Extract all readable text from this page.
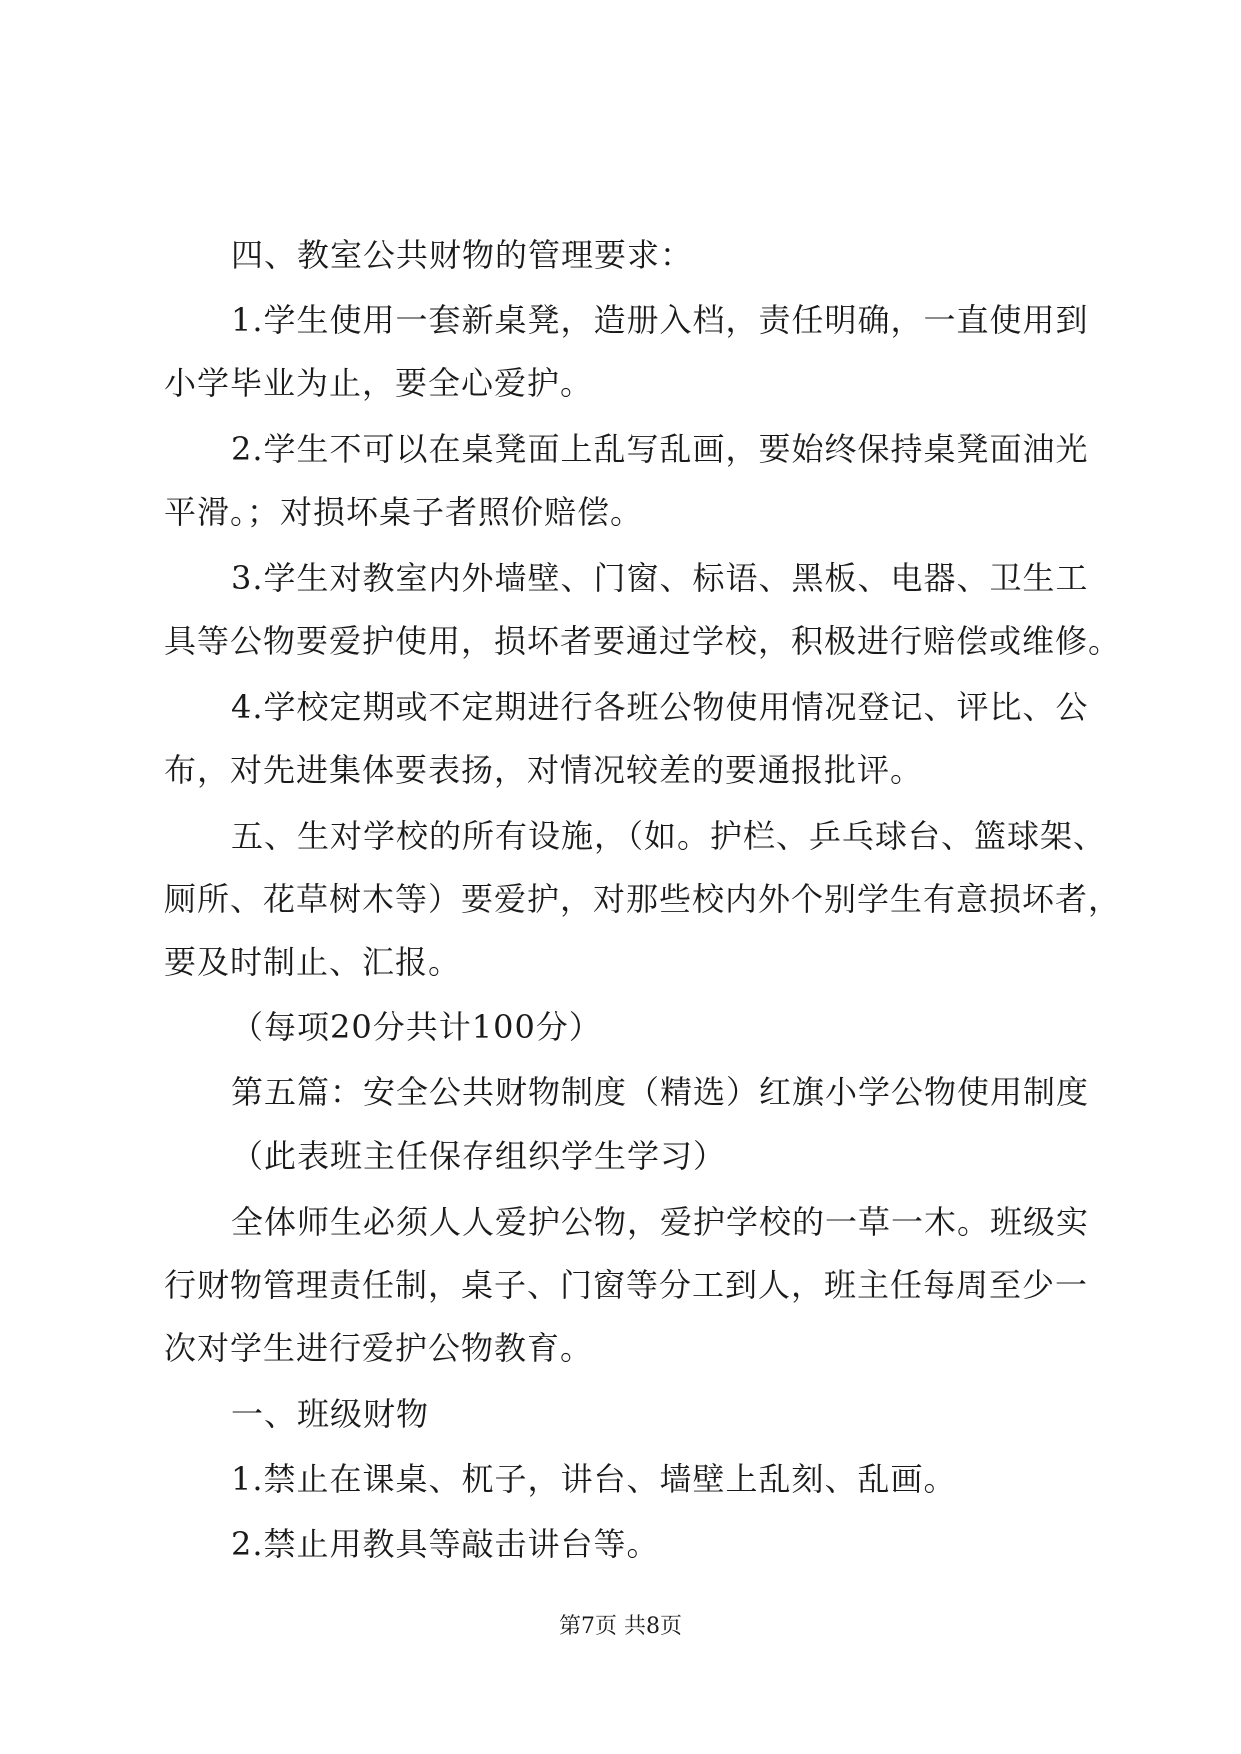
四、教室公共财物的管理要求：
1.学生使用一套新桌凳，造册入档，责任明确，一直使用到
小学毕业为止，要全心爱护。
2.学生不可以在桌凳面上乱写乱画，要始终保持桌凳面油光
平滑。；对损坏桌子者照价赔偿。
3.学生对教室内外墙壁、门窗、标语、黑板、电器、卫生工
具等公物要爱护使用，损坏者要通过学校，积极进行赔偿或维修。
4.学校定期或不定期进行各班公物使用情况登记、评比、公
布，对先进集体要表扬，对情况较差的要通报批评。
五、生对学校的所有设施，（如。护栏、乒乓球台、篮球架、
厕所、花草树木等）要爱护，对那些校内外个别学生有意损坏者，
要及时制止、汇报。
（每项20分共计100分）
第五篇：安全公共财物制度（精选）红旗小学公物使用制度
（此表班主任保存组织学生学习）
全体师生必须人人爱护公物，爱护学校的一草一木。班级实
行财物管理责任制，桌子、门窗等分工到人，班主任每周至少一
次对学生进行爱护公物教育。
一、班级财物
1.禁止在课桌、杌子，讲台、墙壁上乱刻、乱画。
2.禁止用教具等敲击讲台等。
第7页 共8页
